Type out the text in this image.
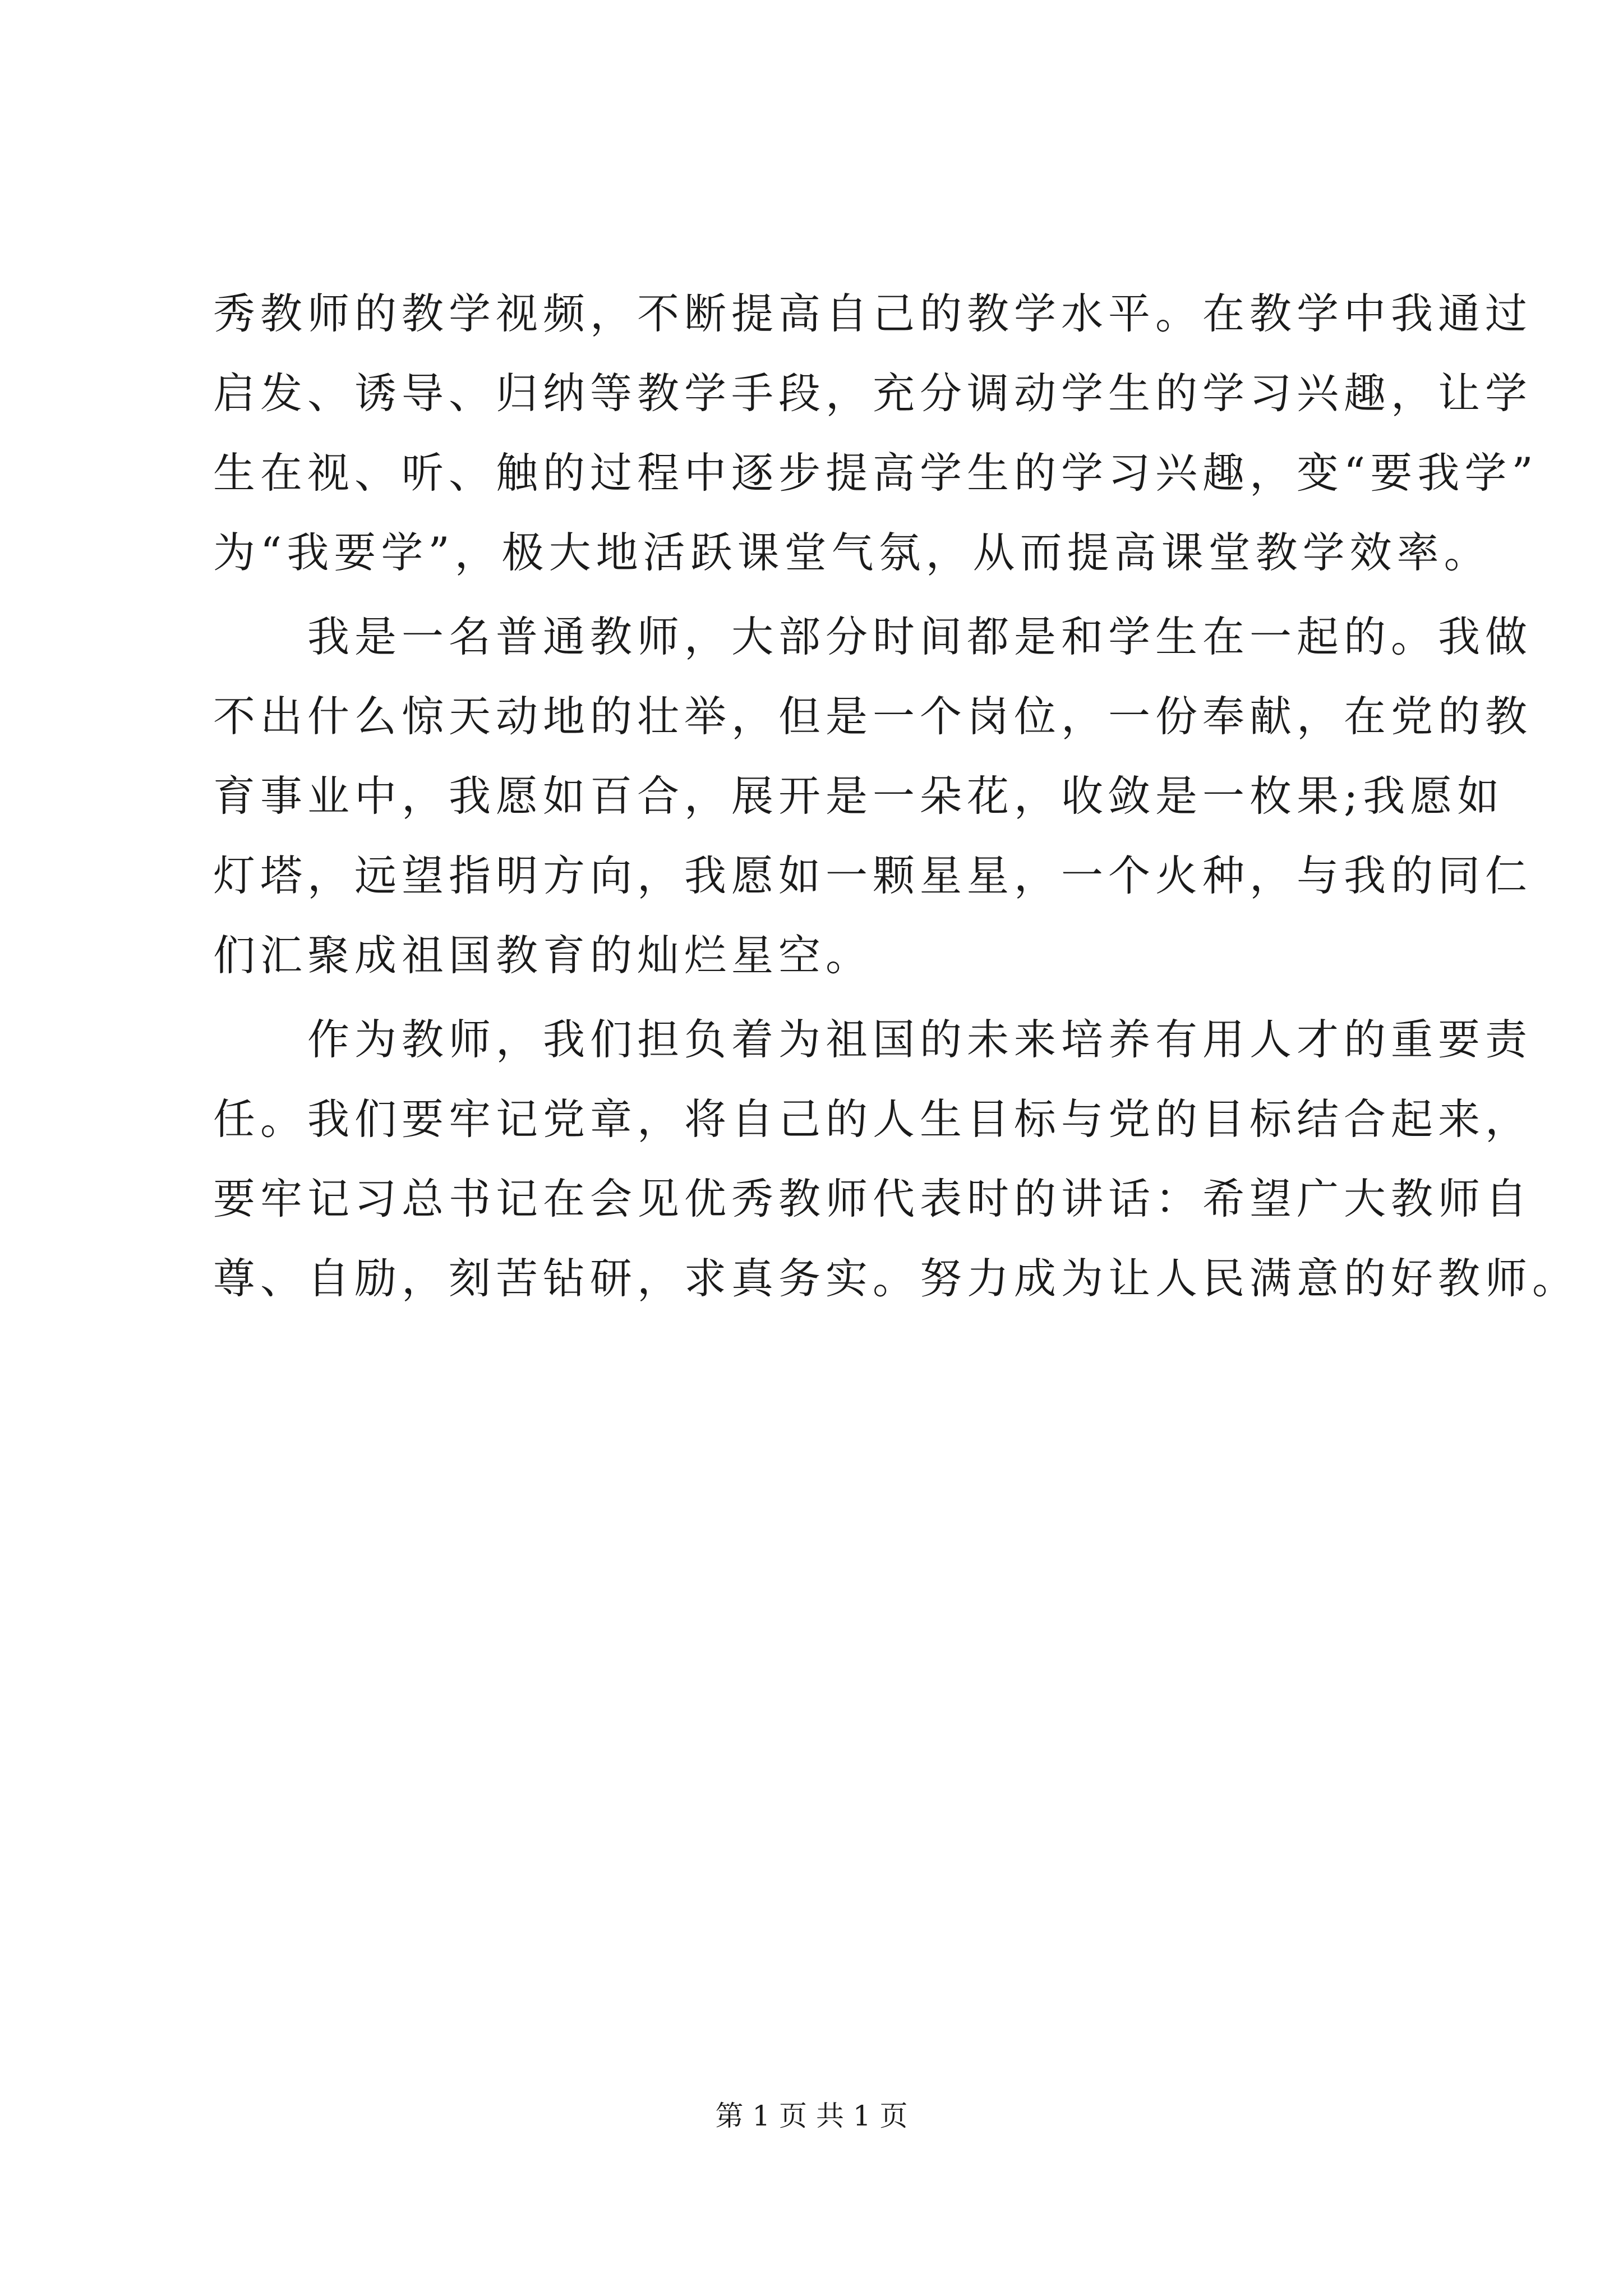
秀教师的教学视频，不断提高自己的教学水平。在教学中我通过
启发、诱导、归纳等教学手段，充分调动学生的学习兴趣，让学
生在视、听、触的过程中逐步提高学生的学习兴趣，变“要我学”
为“我要学”，极大地活跃课堂气氛，从而提高课堂教学效率。
我是一名普通教师，大部分时间都是和学生在一起的。我做
不出什么惊天动地的壮举，但是一个岗位，一份奉献，在党的教
育事业中，我愿如百合，展开是一朵花，收敛是一枚果;我愿如
灯塔，远望指明方向，我愿如一颗星星，一个火种，与我的同仁
们汇聚成祖国教育的灿烂星空。
作为教师，我们担负着为祖国的未来培养有用人才的重要责
任。我们要牢记党章，将自己的人生目标与党的目标结合起来，
要牢记习总书记在会见优秀教师代表时的讲话：希望广大教师自
尊、自励，刻苦钻研，求真务实。努力成为让人民满意的好教师。
第 1 页 共 1 页
